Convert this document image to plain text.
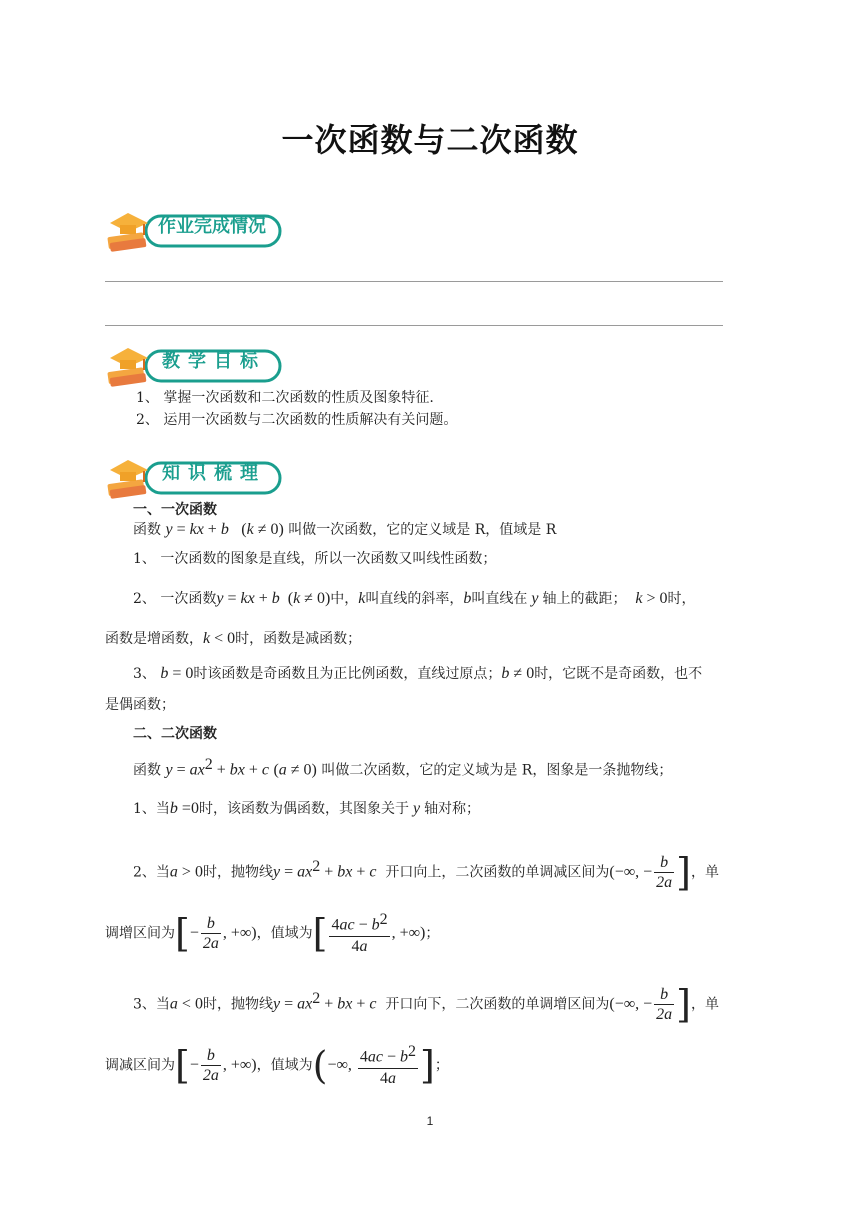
一次函数与二次函数
作业完成情况
教学目标
1、 掌握一次函数和二次函数的性质及图象特征.
2、 运用一次函数与二次函数的性质解决有关问题。
知识梳理
一、一次函数
函数 y = kx + b   (k ≠ 0) 叫做一次函数，它的定义域是 R，值域是 R
1、 一次函数的图象是直线，所以一次函数又叫线性函数；
2、 一次函数y = kx + b  (k ≠ 0)中，k叫直线的斜率，b叫直线在 y 轴上的截距； k > 0时，
函数是增函数，k < 0时，函数是减函数；
3、 b = 0时该函数是奇函数且为正比例函数，直线过原点；b ≠ 0时，它既不是奇函数，也不
是偶函数；
二、二次函数
函数 $y = ax^2$ + bx + c (a ≠ 0) 叫做二次函数，它的定义域为是 R，图象是一条抛物线；
1、当b =0时，该函数为偶函数，其图象关于 y 轴对称；
2、当a > 0时，抛物线$y = ax^2$ + bx + c 开口向上，二次函数的单调减区间为(−∞, − $\frac{b}{2a}$ ]，单
调增区间为[− $\frac{b}{2a}$ , +∞)，值域为[ $\frac{4ac - b^2}{4a}$ , +∞)；
3、当a < 0时，抛物线$y = ax^2$ + bx + c 开口向下，二次函数的单调增区间为(−∞, − $\frac{b}{2a}$ ]，单
调减区间为[− $\frac{b}{2a}$ , +∞)，值域为(−∞, $\frac{4ac - b^2}{4a}$ ]；
1
